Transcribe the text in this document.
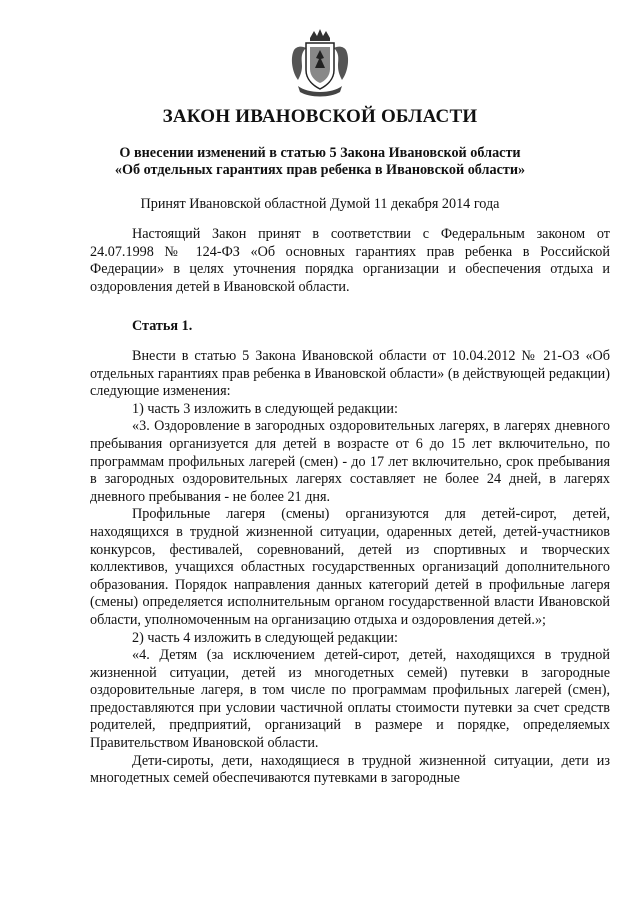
ЗАКОН ИВАНОВСКОЙ ОБЛАСТИ
О внесении изменений в статью 5 Закона Ивановской области
«Об отдельных гарантиях прав ребенка в Ивановской области»
Принят Ивановской областной Думой 11 декабря 2014 года

Настоящий Закон принят в соответствии с Федеральным законом от 24.07.1998 № 124-ФЗ «Об основных гарантиях прав ребенка в Российской Федерации» в целях уточнения порядка организации и обеспечения отдыха и оздоровления детей в Ивановской области.

Статья 1.

Внести в статью 5 Закона Ивановской области от 10.04.2012 № 21-ОЗ «Об отдельных гарантиях прав ребенка в Ивановской области» (в действующей редакции) следующие изменения:

1) часть 3 изложить в следующей редакции:

«3. Оздоровление в загородных оздоровительных лагерях, в лагерях дневного пребывания организуется для детей в возрасте от 6 до 15 лет включительно, по программам профильных лагерей (смен) - до 17 лет включительно, срок пребывания в загородных оздоровительных лагерях составляет не более 24 дней, в лагерях дневного пребывания - не более 21 дня.

Профильные лагеря (смены) организуются для детей-сирот, детей, находящихся в трудной жизненной ситуации, одаренных детей, детей-участников конкурсов, фестивалей, соревнований, детей из спортивных и творческих коллективов, учащихся областных государственных организаций дополнительного образования. Порядок направления данных категорий детей в профильные лагеря (смены) определяется исполнительным органом государственной власти Ивановской области, уполномоченным на организацию отдыха и оздоровления детей.»;

2) часть 4 изложить в следующей редакции:

«4. Детям (за исключением детей-сирот, детей, находящихся в трудной жизненной ситуации, детей из многодетных семей) путевки в загородные оздоровительные лагеря, в том числе по программам профильных лагерей (смен), предоставляются при условии частичной оплаты стоимости путевки за счет средств родителей, предприятий, организаций в размере и порядке, определяемых Правительством Ивановской области.

Дети-сироты, дети, находящиеся в трудной жизненной ситуации, дети из многодетных семей обеспечиваются путевками в загородные
